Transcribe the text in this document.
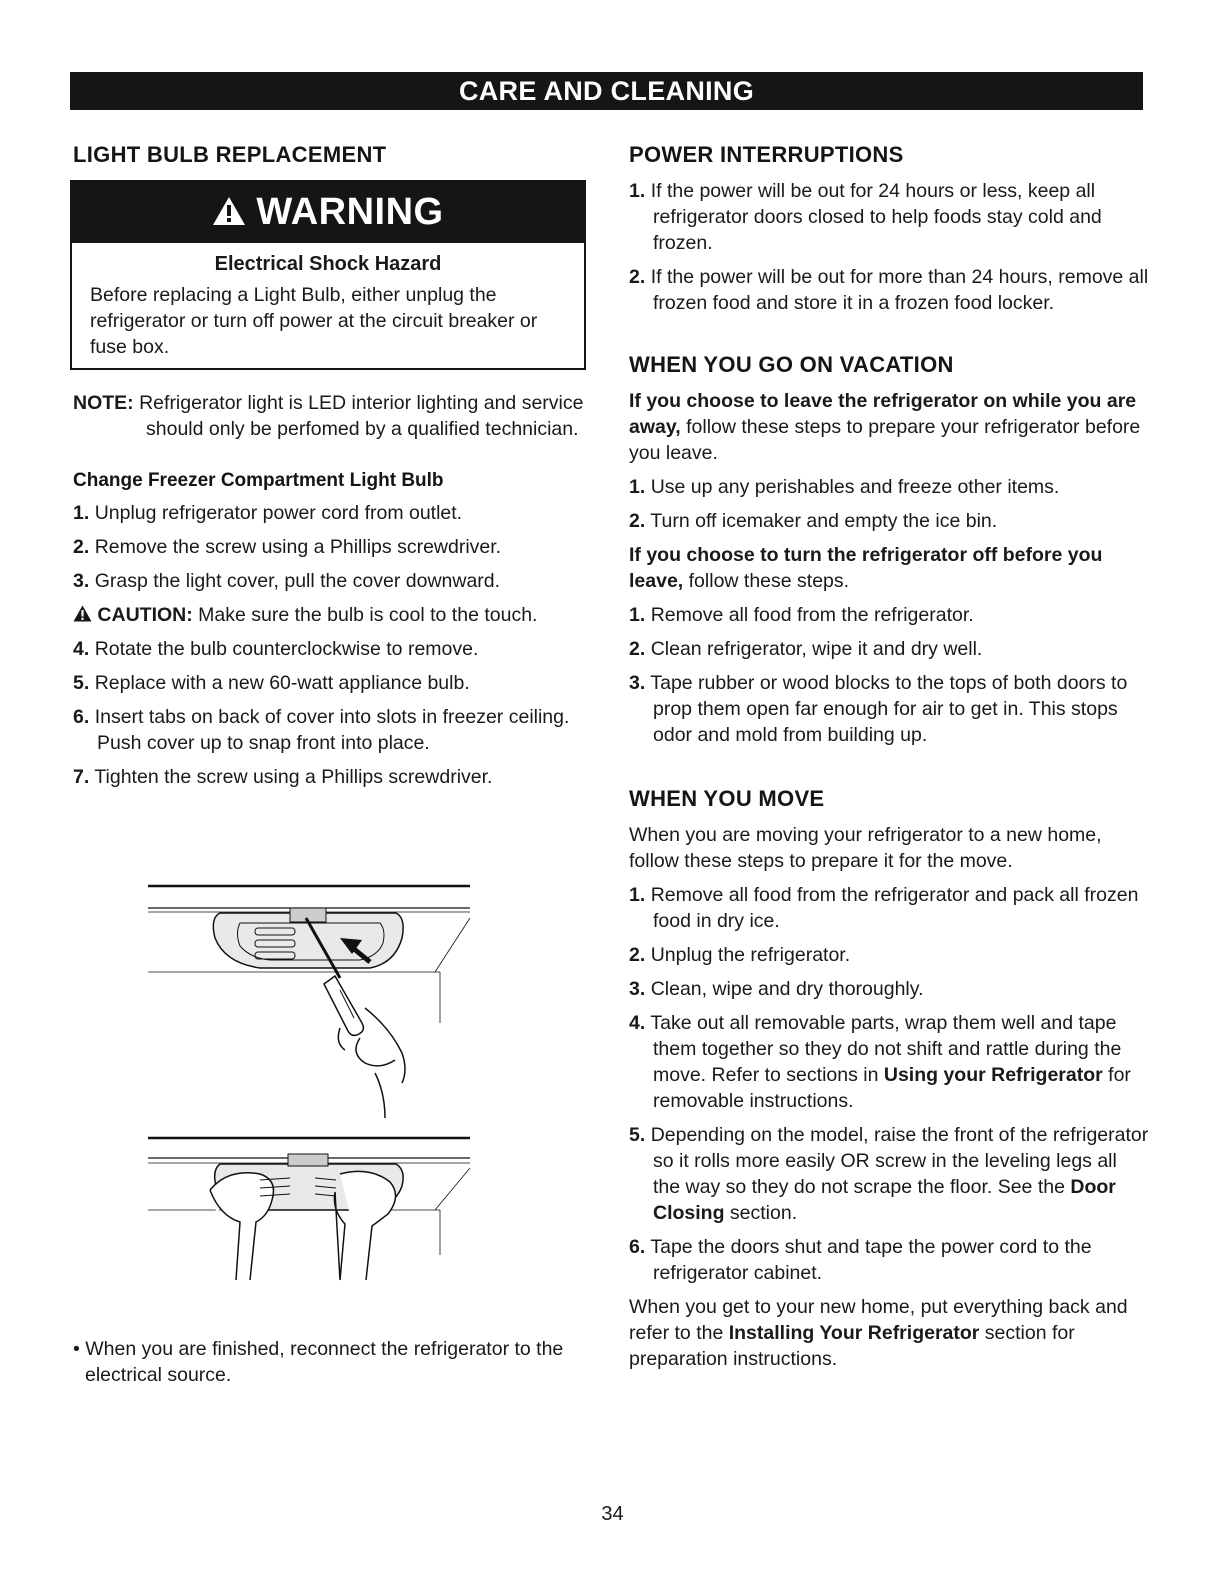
CARE AND CLEANING
LIGHT BULB REPLACEMENT
WARNING
Electrical Shock Hazard
Before replacing a Light Bulb, either unplug the refrigerator or turn off power at the circuit breaker or fuse box.

NOTE: Refrigerator light is LED interior lighting and service should only be perfomed by a qualified technician.

Change Freezer Compartment Light Bulb
1. Unplug refrigerator power cord from outlet.
2. Remove the screw using a Phillips screwdriver.
3. Grasp the light cover, pull the cover downward.

CAUTION: Make sure the bulb is cool to the touch.

4. Rotate the bulb counterclockwise to remove.
5. Replace with a new 60-watt appliance bulb.
6. Insert tabs on back of cover into slots in freezer ceiling. Push cover up to snap front into place.
7. Tighten the screw using a Phillips screwdriver.

• When you are finished, reconnect the refrigerator to the electrical source.

POWER INTERRUPTIONS
1. If the power will be out for 24 hours or less, keep all refrigerator doors closed to help foods stay cold and frozen.
2. If the power will be out for more than 24 hours, remove all frozen food and store it in a frozen food locker.
WHEN YOU GO ON VACATION

If you choose to leave the refrigerator on while you are away, follow these steps to prepare your refrigerator before you leave.

1. Use up any perishables and freeze other items.
2. Turn off icemaker and empty the ice bin.

If you choose to turn the refrigerator off before you leave, follow these steps.

1. Remove all food from the refrigerator.
2. Clean refrigerator, wipe it and dry well.
3. Tape rubber or wood blocks to the tops of both doors to prop them open far enough for air to get in. This stops odor and mold from building up.
WHEN YOU MOVE

When you are moving your refrigerator to a new home, follow these steps to prepare it for the move.

1. Remove all food from the refrigerator and pack all frozen food in dry ice.
2. Unplug the refrigerator.
3. Clean, wipe and dry thoroughly.
4. Take out all removable parts, wrap them well and tape them together so they do not shift and rattle during the move. Refer to sections in Using your Refrigerator for removable instructions.
5. Depending on the model, raise the front of the refrigerator so it rolls more easily OR screw in the leveling legs all the way so they do not scrape the floor. See the Door Closing section.
6. Tape the doors shut and tape the power cord to the refrigerator cabinet.

When you get to your new home, put everything back and refer to the Installing Your Refrigerator section for preparation instructions.

34
